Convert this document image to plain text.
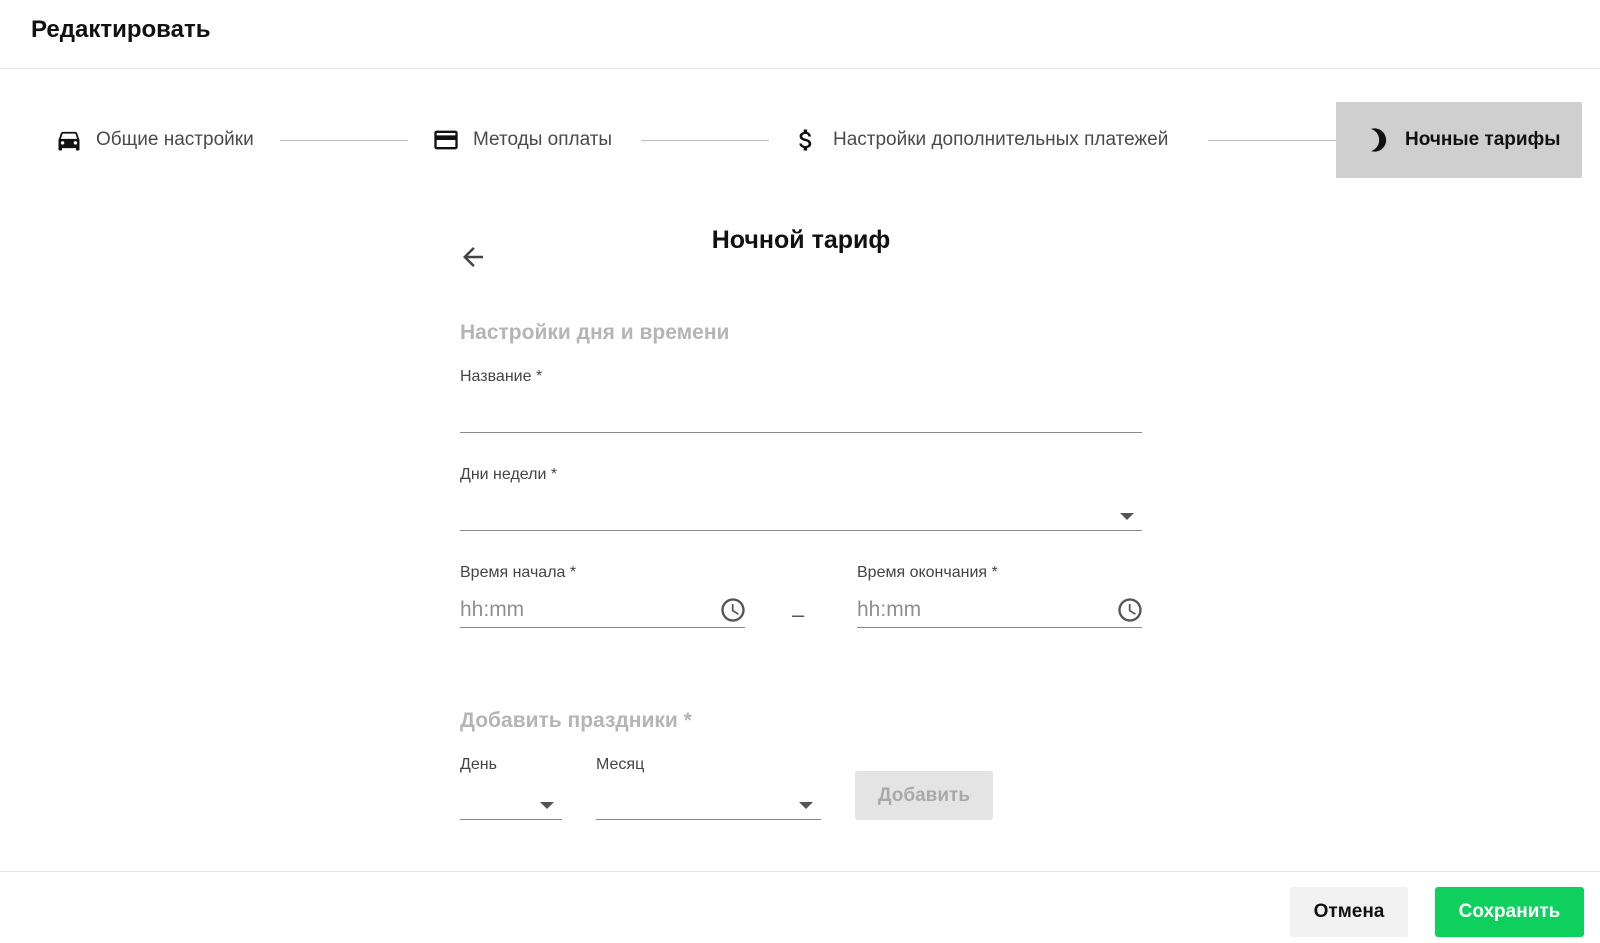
Редактировать
Общие настройки	Методы оплаты	Настройки дополнительных платежей	Ночные тарифы
Ночной тариф
Настройки дня и времени
Название *
Дни недели *
Время начала *
hh:mm
–
Время окончания *
hh:mm
Добавить праздники *
День	Месяц
Добавить
Отмена	Сохранить
